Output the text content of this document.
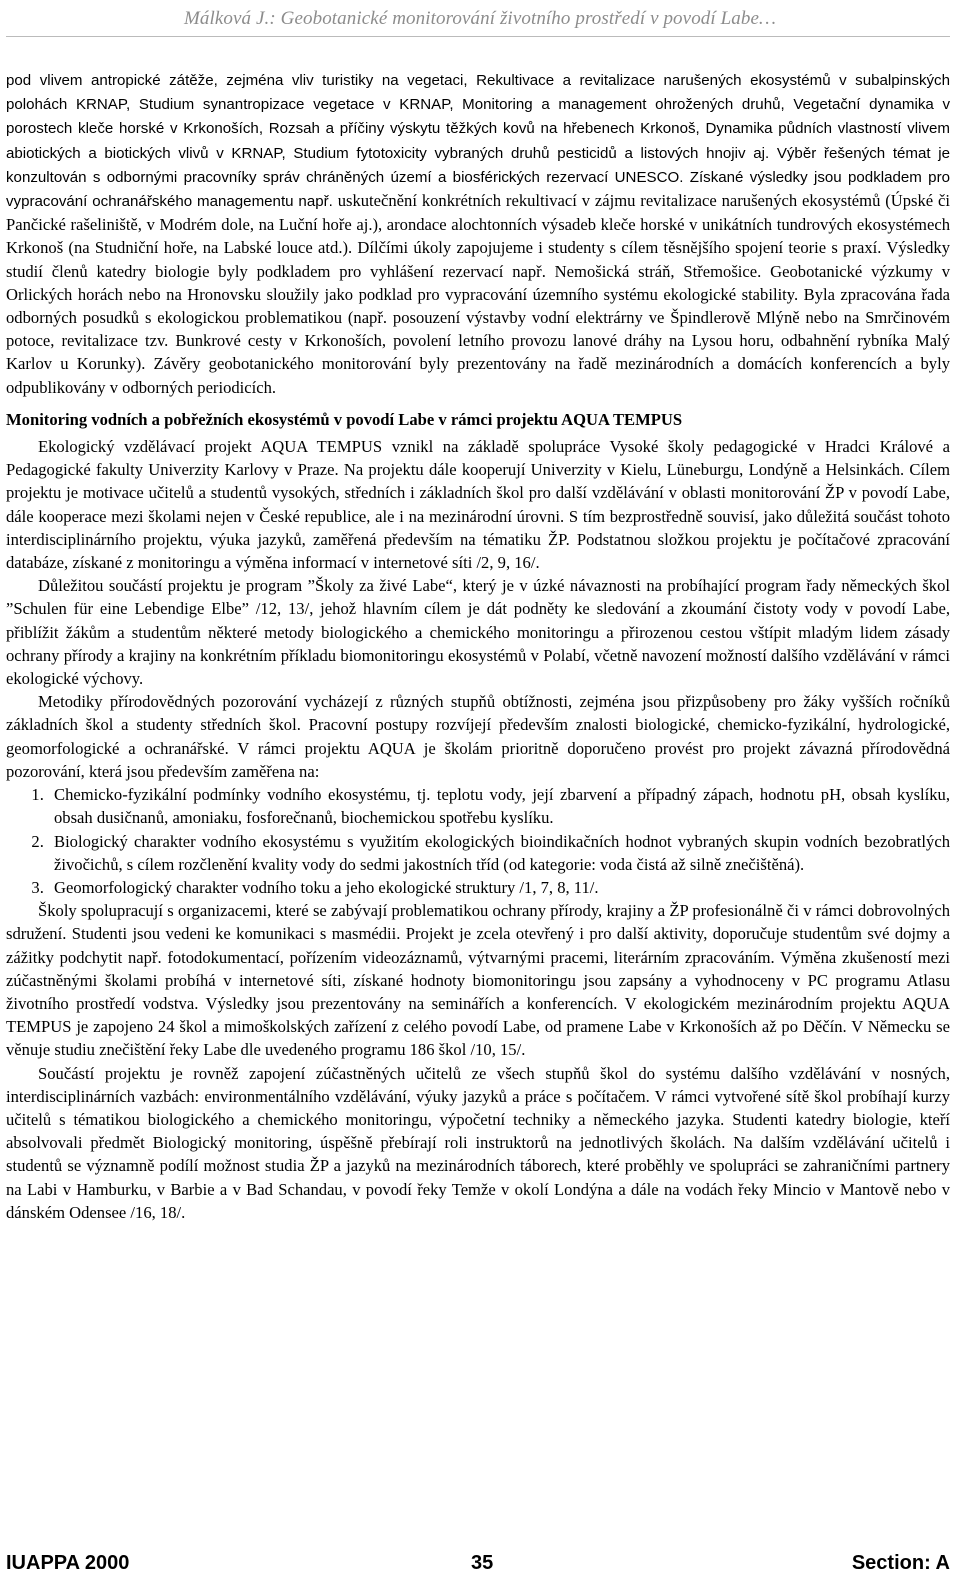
Málková J.: Geobotanické monitorování životního prostředí v povodí Labe…

pod vlivem antropické zátěže, zejména vliv turistiky na vegetaci, Rekultivace a revitalizace narušených ekosystémů v subalpinských polohách KRNAP, Studium synantropizace vegetace v KRNAP, Monitoring a management ohrožených druhů, Vegetační dynamika v porostech kleče horské v Krkonoších, Rozsah a příčiny výskytu těžkých kovů na hřebenech Krkonoš, Dynamika půdních vlastností vlivem abiotických a biotických vlivů v KRNAP, Studium fytotoxicity vybraných druhů pesticidů a listových hnojiv aj. Výběr řešených témat je konzultován s odbornými pracovníky správ chráněných území a biosférických rezervací UNESCO. Získané výsledky jsou podkladem pro vypracování ochranářského managementu např. uskutečnění konkrétních rekultivací v zájmu revitalizace narušených ekosystémů (Úpské či Pančické rašeliniště, v Modrém dole, na Luční hoře aj.), arondace alochtonních výsadeb kleče horské v unikátních tundrových ekosystémech Krkonoš (na Studniční hoře, na Labské louce atd.). Dílčími úkoly zapojujeme i studenty s cílem těsnějšího spojení teorie s praxí. Výsledky studií členů katedry biologie byly podkladem pro vyhlášení rezervací např. Nemošická stráň, Střemošice. Geobotanické výzkumy v Orlických horách nebo na Hronovsku sloužily jako podklad pro vypracování územního systému ekologické stability. Byla zpracována řada odborných posudků s ekologickou problematikou (např. posouzení výstavby vodní elektrárny ve Špindlerově Mlýně nebo na Smrčinovém potoce, revitalizace tzv. Bunkrové cesty v Krkonoších, povolení letního provozu lanové dráhy na Lysou horu, odbahnění rybníka Malý Karlov u Korunky). Závěry geobotanického monitorování byly prezentovány na řadě mezinárodních a domácích konferencích a byly odpublikovány v odborných periodicích.

Monitoring vodních a pobřežních ekosystémů v povodí Labe v rámci projektu AQUA TEMPUS

Ekologický vzdělávací projekt AQUA TEMPUS vznikl na základě spolupráce Vysoké školy pedagogické v Hradci Králové a Pedagogické fakulty Univerzity Karlovy v Praze. Na projektu dále kooperují Univerzity v Kielu, Lüneburgu, Londýně a Helsinkách. Cílem projektu je motivace učitelů a studentů vysokých, středních i základních škol pro další vzdělávání v oblasti monitorování ŽP v povodí Labe, dále kooperace mezi školami nejen v České republice, ale i na mezinárodní úrovni. S tím bezprostředně souvisí, jako důležitá součást tohoto interdisciplinárního projektu, výuka jazyků, zaměřená především na tématiku ŽP. Podstatnou složkou projektu je počítačové zpracování databáze, získané z monitoringu a výměna informací v internetové síti /2, 9, 16/.

Důležitou součástí projektu je program ”Školy za živé Labe“, který je v úzké návaznosti na probíhající program řady německých škol ”Schulen für eine Lebendige Elbe” /12, 13/, jehož hlavním cílem je dát podněty ke sledování a zkoumání čistoty vody v povodí Labe, přiblížit žákům a studentům některé metody biologického a chemického monitoringu a přirozenou cestou vštípit mladým lidem zásady ochrany přírody a krajiny na konkrétním příkladu biomonitoringu ekosystémů v Polabí, včetně navození možností dalšího vzdělávání v rámci ekologické výchovy.

Metodiky přírodovědných pozorování vycházejí z různých stupňů obtížnosti, zejména jsou přizpůsobeny pro žáky vyšších ročníků základních škol a studenty středních škol. Pracovní postupy rozvíjejí především znalosti biologické, chemicko-fyzikální, hydrologické, geomorfologické a ochranářské. V rámci projektu AQUA je školám prioritně doporučeno provést pro projekt závazná přírodovědná pozorování, která jsou především zaměřena na:

1. Chemicko-fyzikální podmínky vodního ekosystému, tj. teplotu vody, její zbarvení a případný zápach, hodnotu pH, obsah kyslíku, obsah dusičnanů, amoniaku, fosforečnanů, biochemickou spotřebu kyslíku.
2. Biologický charakter vodního ekosystému s využitím ekologických bioindikačních hodnot vybraných skupin vodních bezobratlých živočichů, s cílem rozčlenění kvality vody do sedmi jakostních tříd (od kategorie: voda čistá až silně znečištěná).
3. Geomorfologický charakter vodního toku a jeho ekologické struktury /1, 7, 8, 11/.

Školy spolupracují s organizacemi, které se zabývají problematikou ochrany přírody, krajiny a ŽP profesionálně či v rámci dobrovolných sdružení. Studenti jsou vedeni ke komunikaci s masmédii. Projekt je zcela otevřený i pro další aktivity, doporučuje studentům své dojmy a zážitky podchytit např. fotodokumentací, pořízením videozáznamů, výtvarnými pracemi, literárním zpracováním. Výměna zkušeností mezi zúčastněnými školami probíhá v internetové síti, získané hodnoty biomonitoringu jsou zapsány a vyhodnoceny v PC programu Atlasu životního prostředí vodstva. Výsledky jsou prezentovány na seminářích a konferencích. V ekologickém mezinárodním projektu AQUA TEMPUS je zapojeno 24 škol a mimoškolských zařízení z celého povodí Labe, od pramene Labe v Krkonoších až po Děčín. V Německu se věnuje studiu znečištění řeky Labe dle uvedeného programu 186 škol /10, 15/.

Součástí projektu je rovněž zapojení zúčastněných učitelů ze všech stupňů škol do systému dalšího vzdělávání v nosných, interdisciplinárních vazbách: environmentálního vzdělávání, výuky jazyků a práce s počítačem. V rámci vytvořené sítě škol probíhají kurzy učitelů s tématikou biologického a chemického monitoringu, výpočetní techniky a německého jazyka. Studenti katedry biologie, kteří absolvovali předmět Biologický monitoring, úspěšně přebírají roli instruktorů na jednotlivých školách. Na dalším vzdělávání učitelů i studentů se významně podílí možnost studia ŽP a jazyků na mezinárodních táborech, které proběhly ve spolupráci se zahraničními partnery na Labi v Hamburku, v Barbie a v Bad Schandau, v povodí řeky Temže v okolí Londýna a dále na vodách řeky Mincio v Mantově nebo v dánském Odensee /16, 18/.

IUAPPA 2000	35	Section: A
